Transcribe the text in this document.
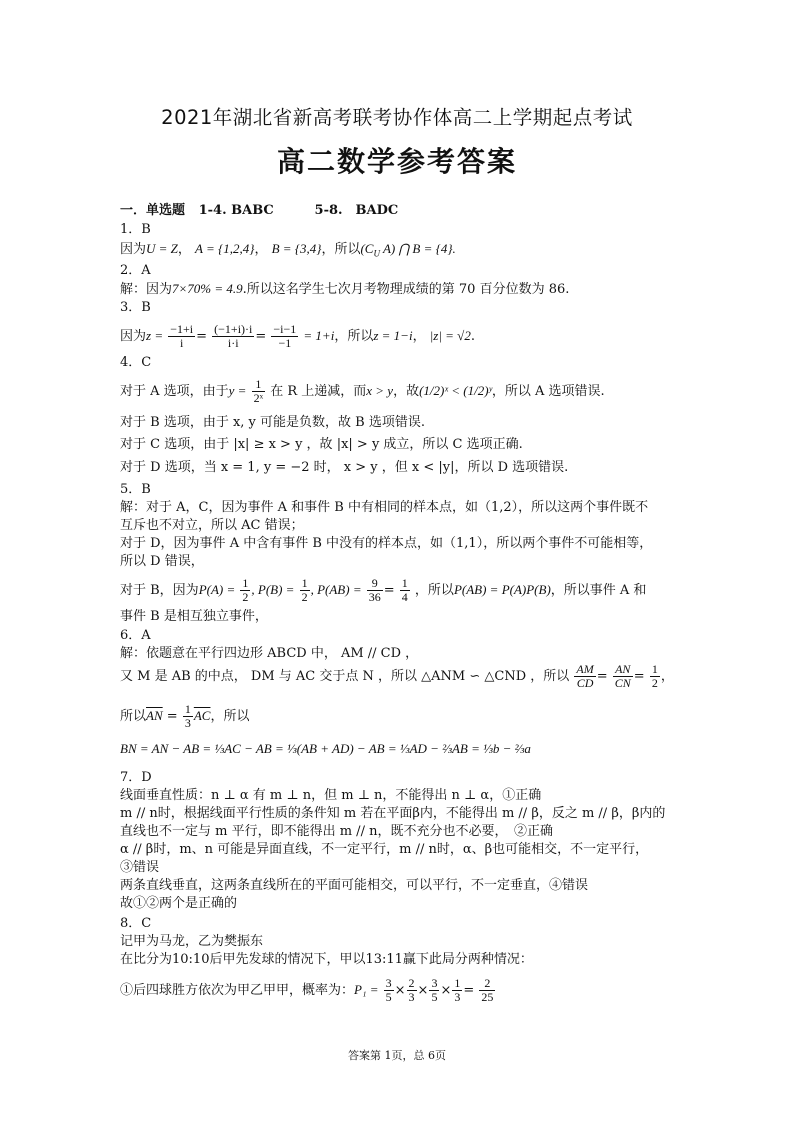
2021年湖北省新高考联考协作体高二上学期起点考试
高二数学参考答案
一．单选题 1-4. BABC	5-8.　BADC
1．B
因为U = Z， A = {1,2,4}， B = {3,4}，所以($C_U$ A) ⋂ B = {4}.
2．A
解：因为7×70% = 4.9.所以这名学生七次月考物理成绩的第 70 百分位数为 86.
3．B
因为$z = \frac{-1+i}{i} = \frac{(-1+i)\cdot i}{i\cdot i} = \frac{-i-1}{-1} = 1+i$，所以z = 1−i， |z| = √2.
4．C
对于 A 选项，由于$y = \frac{1}{\text{2ˣ}}$ 在 R 上递减，而x > y，故(1/2)ˣ < (1/2)ʸ，所以 A 选项错误.
对于 B 选项，由于 x, y 可能是负数，故 B 选项错误.
对于 C 选项，由于 |x| ≥ x > y ，故 |x| > y 成立，所以 C 选项正确.
对于 D 选项，当 x = 1, y = −2 时， x > y ，但 x < |y|，所以 D 选项错误.
5．B
解：对于 A，C，因为事件 A 和事件 B 中有相同的样本点，如（1,2），所以这两个事件既不
互斥也不对立，所以 AC 错误；
对于 D，因为事件 A 中含有事件 B 中没有的样本点，如（1,1），所以两个事件不可能相等，
所以 D 错误，
对于 B，因为$P(A) = \frac{1}{2}$ , $P(B) = \frac{1}{2}$ , $P(AB) = \frac{9}{36} = \frac{1}{4}$ ，所以P(AB) = P(A)P(B)，所以事件 A 和
事件 B 是相互独立事件，
6．A
解：依题意在平行四边形 ABCD 中， AM // CD ，
又 M 是 AB 的中点， DM 与 AC 交于点 N ，所以 △ANM ∽ △CND ，所以 $\frac{AM}{CD} = \frac{AN}{CN} = \frac{1}{2}$ ，
所以$\overline{AN} = \frac{1}{3} \overline{AC}$，所以
BN = AN − AB = ⅓AC − AB = ⅓(AB + AD) − AB = ⅓AD − ⅔AB = ⅓b − ⅔a
7．D
线面垂直性质：n ⊥ α 有 m ⊥ n，但 m ⊥ n，不能得出 n ⊥ α，①正确
m // n时，根据线面平行性质的条件知 m 若在平面β内，不能得出 m // β，反之 m // β，β内的
直线也不一定与 m 平行，即不能得出 m // n，既不充分也不必要，　②正确
α // β时，m、n 可能是异面直线，不一定平行，m // n时，α、β也可能相交，不一定平行，
③错误
两条直线垂直，这两条直线所在的平面可能相交，可以平行，不一定垂直，④错误
故①②两个是正确的
8．C
记甲为马龙，乙为樊振东
在比分为10:10后甲先发球的情况下，甲以13:11赢下此局分两种情况：
①后四球胜方依次为甲乙甲甲，概率为：$P_1 = \frac{3}{5} \times \frac{2}{3} \times \frac{3}{5} \times \frac{1}{3} = \frac{2}{25}$
答案第 1页，总 6页
